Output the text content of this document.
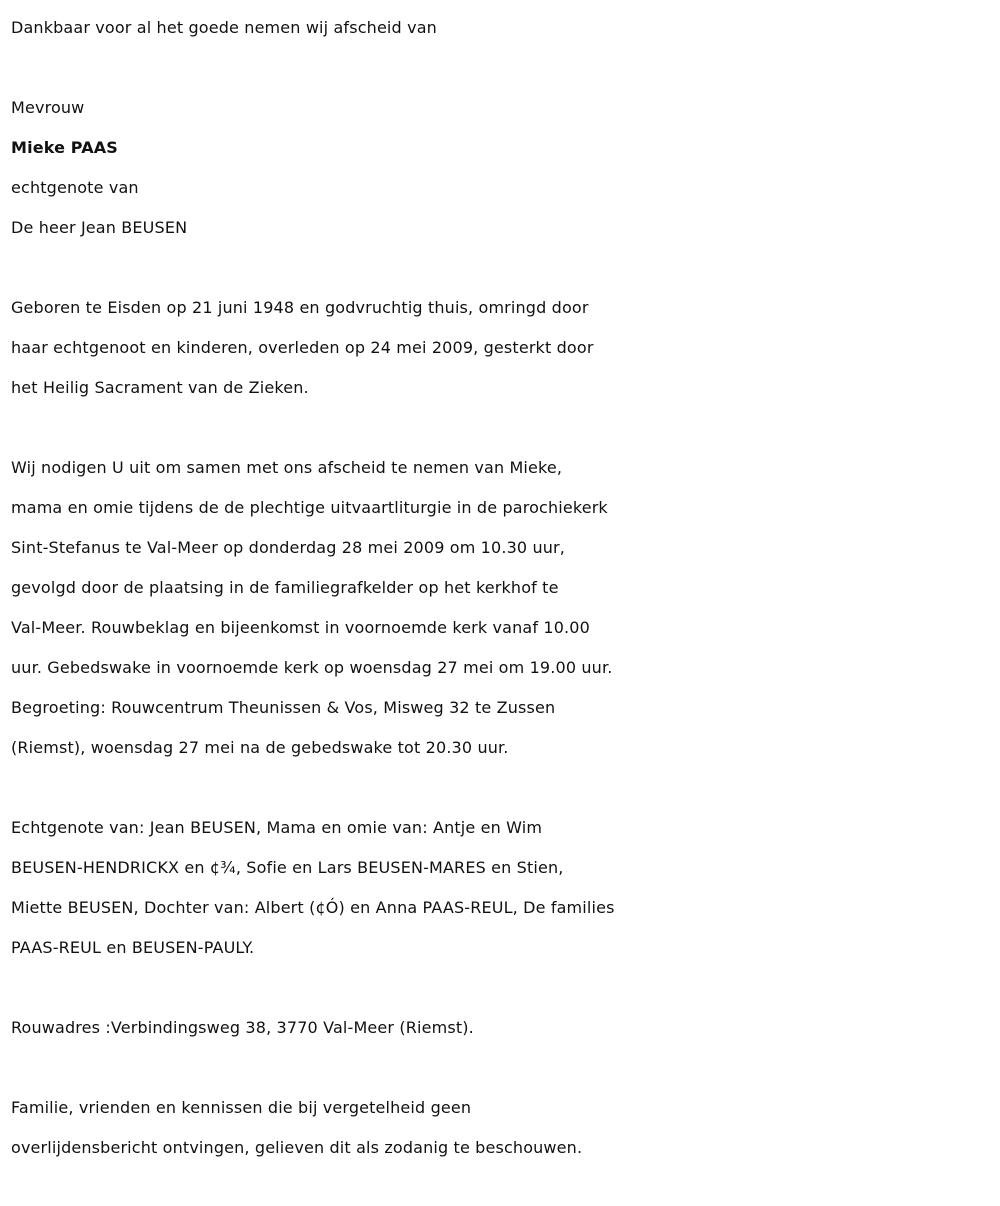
Dankbaar voor al het goede nemen wij afscheid van

Mevrouw

Mieke PAAS

echtgenote van

De heer Jean BEUSEN

Geboren te Eisden op 21 juni 1948 en godvruchtig thuis, omringd door

haar echtgenoot en kinderen, overleden op 24 mei 2009, gesterkt door

het Heilig Sacrament van de Zieken.

Wij nodigen U uit om samen met ons afscheid te nemen van Mieke,

mama en omie tijdens de de plechtige uitvaartliturgie in de parochiekerk

Sint-Stefanus te Val-Meer op donderdag 28 mei 2009 om 10.30 uur,

gevolgd door de plaatsing in de familiegrafkelder op het kerkhof te

Val-Meer. Rouwbeklag en bijeenkomst in voornoemde kerk vanaf 10.00

uur. Gebedswake in voornoemde kerk op woensdag 27 mei om 19.00 uur.

Begroeting: Rouwcentrum Theunissen & Vos, Misweg 32 te Zussen

(Riemst), woensdag 27 mei na de gebedswake tot 20.30 uur.

Echtgenote van: Jean BEUSEN, Mama en omie van: Antje en Wim

BEUSEN-HENDRICKX en ¢¾, Sofie en Lars BEUSEN-MARES en Stien,

Miette BEUSEN, Dochter van: Albert (¢Ó) en Anna PAAS-REUL, De families

PAAS-REUL en BEUSEN-PAULY.

Rouwadres :Verbindingsweg 38, 3770 Val-Meer (Riemst).

Familie, vrienden en kennissen die bij vergetelheid geen

overlijdensbericht ontvingen, gelieven dit als zodanig te beschouwen.
